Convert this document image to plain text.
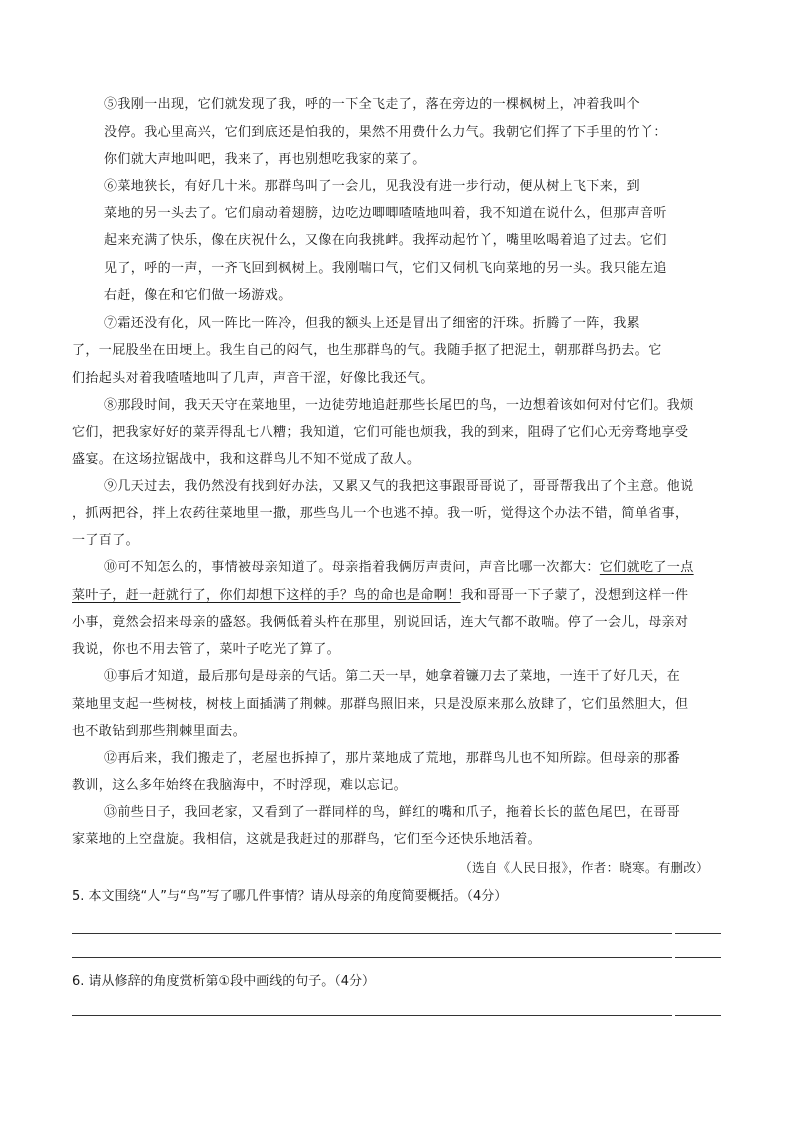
⑤我刚一出现，它们就发现了我，呼的一下全飞走了，落在旁边的一棵枫树上，冲着我叫个
没停。我心里高兴，它们到底还是怕我的，果然不用费什么力气。我朝它们挥了下手里的竹丫：
你们就大声地叫吧，我来了，再也别想吃我家的菜了。
⑥菜地狭长，有好几十米。那群鸟叫了一会儿，见我没有进一步行动，便从树上飞下来，到
菜地的另一头去了。它们扇动着翅膀，边吃边唧唧喳喳地叫着，我不知道在说什么，但那声音听
起来充满了快乐，像在庆祝什么，又像在向我挑衅。我挥动起竹丫，嘴里吆喝着追了过去。它们
见了，呼的一声，一齐飞回到枫树上。我刚喘口气，它们又伺机飞向菜地的另一头。我只能左追
右赶，像在和它们做一场游戏。
⑦霜还没有化，风一阵比一阵冷，但我的额头上还是冒出了细密的汗珠。折腾了一阵，我累
了，一屁股坐在田埂上。我生自己的闷气，也生那群鸟的气。我随手抠了把泥土，朝那群鸟扔去。它
们抬起头对着我喳喳地叫了几声，声音干涩，好像比我还气。
⑧那段时间，我天天守在菜地里，一边徒劳地追赶那些长尾巴的鸟，一边想着该如何对付它们。我烦
它们，把我家好好的菜弄得乱七八糟；我知道，它们可能也烦我，我的到来，阻碍了它们心无旁骛地享受
盛宴。在这场拉锯战中，我和这群鸟儿不知不觉成了敌人。
⑨几天过去，我仍然没有找到好办法，又累又气的我把这事跟哥哥说了，哥哥帮我出了个主意。他说
，抓两把谷，拌上农药往菜地里一撒，那些鸟儿一个也逃不掉。我一听，觉得这个办法不错，简单省事，
一了百了。
⑩可不知怎么的，事情被母亲知道了。母亲指着我俩厉声责问，声音比哪一次都大：它们就吃了一点
菜叶子，赶一赶就行了，你们却想下这样的手？鸟的命也是命啊！我和哥哥一下子蒙了，没想到这样一件
小事，竟然会招来母亲的盛怒。我俩低着头杵在那里，别说回话，连大气都不敢喘。停了一会儿，母亲对
我说，你也不用去管了，菜叶子吃光了算了。
⑪事后才知道，最后那句是母亲的气话。第二天一早，她拿着镰刀去了菜地，一连干了好几天，在
菜地里支起一些树枝，树枝上面插满了荆棘。那群鸟照旧来，只是没原来那么放肆了，它们虽然胆大，但
也不敢钻到那些荆棘里面去。
⑫再后来，我们搬走了，老屋也拆掉了，那片菜地成了荒地，那群鸟儿也不知所踪。但母亲的那番
教训，这么多年始终在我脑海中，不时浮现，难以忘记。
⑬前些日子，我回老家，又看到了一群同样的鸟，鲜红的嘴和爪子，拖着长长的蓝色尾巴，在哥哥
家菜地的上空盘旋。我相信，这就是我赶过的那群鸟，它们至今还快乐地活着。
（选自《人民日报》，作者：晓寒。有删改）
5. 本文围绕“人”与“鸟”写了哪几件事情？请从母亲的角度简要概括。（4分）
6. 请从修辞的角度赏析第①段中画线的句子。（4分）
